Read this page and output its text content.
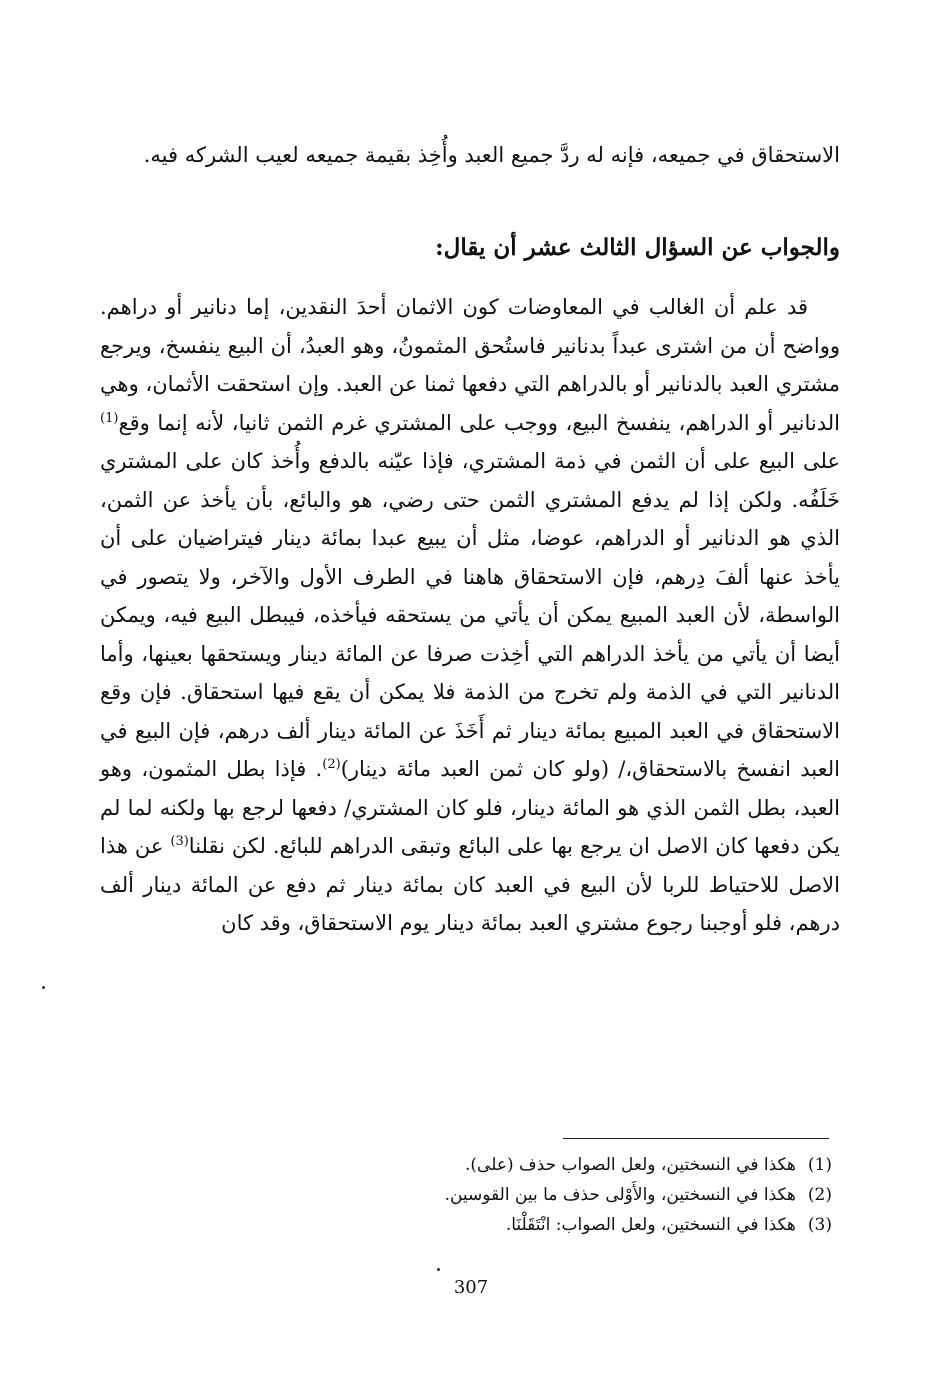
الاستحقاق في جميعه، فإنه له ردَّ جميع العبد وأُخِذ بقيمة جميعه لعيب الشركه فيه.
والجواب عن السؤال الثالث عشر أن يقال:
قد علم أن الغالب في المعاوضات كون الاثمان أحدَ النقدين، إما دنانير أو دراهم. وواضح أن من اشترى عبداً بدنانير فاستُحق المثمونُ، وهو العبدُ، أن البيع ينفسخ، ويرجع مشتري العبد بالدنانير أو بالدراهم التي دفعها ثمنا عن العبد. وإن استحقت الأثمان، وهي الدنانير أو الدراهم، ينفسخ البيع، ووجب على المشتري غرم الثمن ثانيا، لأنه إنما وقع$^{(1)}$ على البيع على أن الثمن في ذمة المشتري، فإذا عيّنه بالدفع وأُخذ كان على المشتري خَلَفُه. ولكن إذا لم يدفع المشتري الثمن حتى رضي، هو والبائع، بأن يأخذ عن الثمن، الذي هو الدنانير أو الدراهم، عوضا، مثل أن يبيع عبدا بمائة دينار فيتراضيان على أن يأخذ عنها ألفَ دِرهم، فإن الاستحقاق هاهنا في الطرف الأول والآخر، ولا يتصور في الواسطة، لأن العبد المبيع يمكن أن يأتي من يستحقه فيأخذه، فيبطل البيع فيه، ويمكن أيضا أن يأتي من يأخذ الدراهم التي أخِذت صرفا عن المائة دينار ويستحقها بعينها، وأما الدنانير التي في الذمة ولم تخرج من الذمة فلا يمكن أن يقع فيها استحقاق. فإن وقع الاستحقاق في العبد المبيع بمائة دينار ثم أَخَذَ عن المائة دينار ألف درهم، فإن البيع في العبد انفسخ بالاستحقاق،/ (ولو كان ثمن العبد مائة دينار)$^{(2)}$. فإذا بطل المثمون، وهو العبد، بطل الثمن الذي هو المائة دينار، فلو كان المشتري/ دفعها لرجع بها ولكنه لما لم يكن دفعها كان الاصل ان يرجع بها على البائع وتبقى الدراهم للبائع. لكن نقلنا$^{(3)}$ عن هذا الاصل للاحتياط للربا لأن البيع في العبد كان بمائة دينار ثم دفع عن المائة دينار ألف درهم، فلو أوجبنا رجوع مشتري العبد بمائة دينار يوم الاستحقاق، وقد كان
(1)هكذا في النسختين، ولعل الصواب حذف (على).
(2)هكذا في النسختين، والأَوْلى حذف ما بين القوسين.
(3)هكذا في النسختين، ولعل الصواب: انْتَقَلْنَا.
307
